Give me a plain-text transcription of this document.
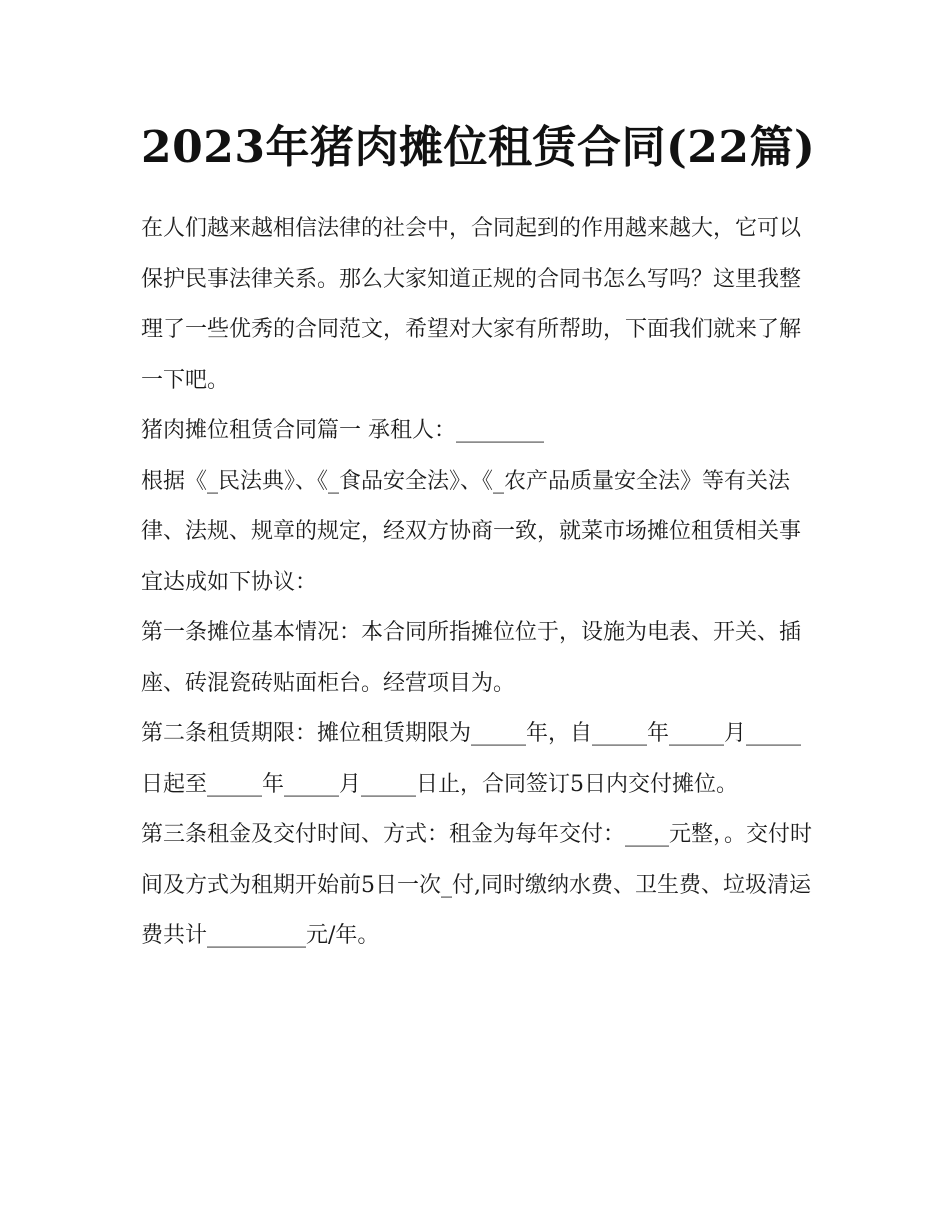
2023年猪肉摊位租赁合同(22篇)

在人们越来越相信法律的社会中，合同起到的作用越来越大，它可以保护民事法律关系。那么大家知道正规的合同书怎么写吗？这里我整理了一些优秀的合同范文，希望对大家有所帮助，下面我们就来了解一下吧。

猪肉摊位租赁合同篇一 承租人：________

根据《_民法典》、《_食品安全法》、《_农产品质量安全法》等有关法律、法规、规章的规定，经双方协商一致，就菜市场摊位租赁相关事宜达成如下协议：

第一条摊位基本情况：本合同所指摊位位于，设施为电表、开关、插座、砖混瓷砖贴面柜台。经营项目为。

第二条租赁期限：摊位租赁期限为_____年，自_____年_____月_____日起至_____年_____月_____日止，合同签订5日内交付摊位。

第三条租金及交付时间、方式：租金为每年交付：____元整，。交付时间及方式为租期开始前5日一次_付,同时缴纳水费、卫生费、垃圾清运费共计_________元/年。
